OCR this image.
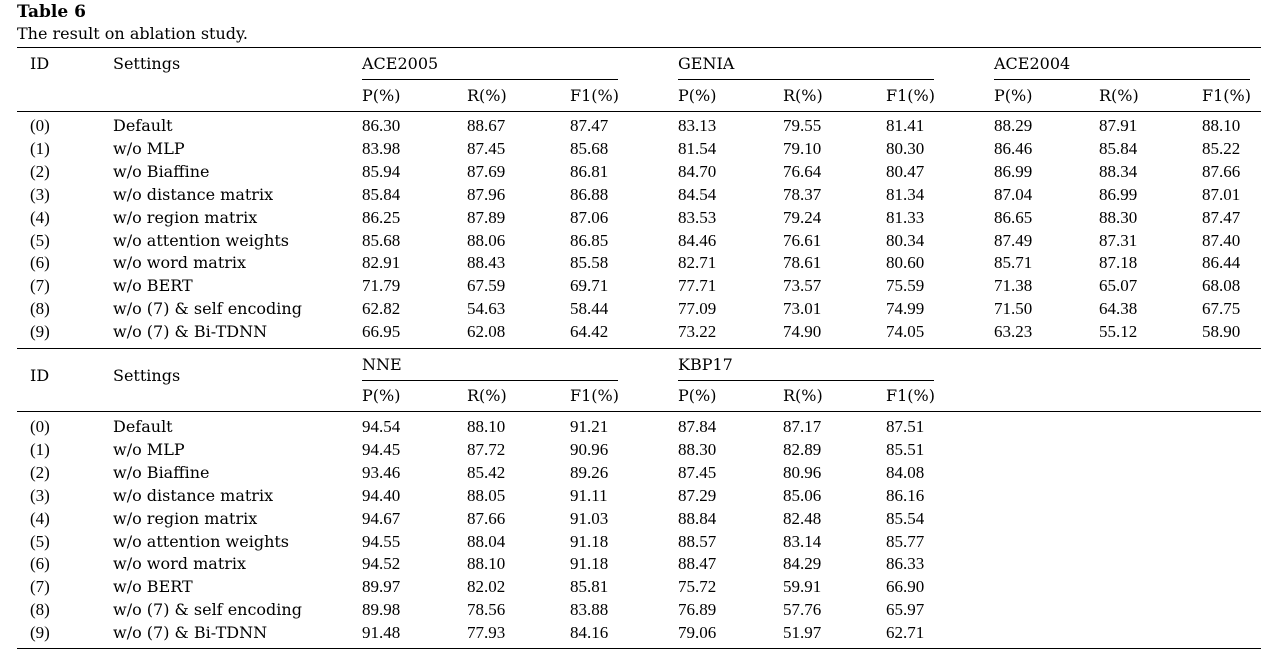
Table 6
The result on ablation study.
ID	Settings	ACE2005
P(%)	R(%)	F1(%)
GENIA
P(%)	R(%)	F1(%)
ACE2004
P(%)	R(%)	F1(%)
(0)	Default	86.30	88.67	87.47	83.13	79.55	81.41	88.29	87.91	88.10
(1)	w/o MLP	83.98	87.45	85.68	81.54	79.10	80.30	86.46	85.84	85.22
(2)	w/o Biaffine	85.94	87.69	86.81	84.70	76.64	80.47	86.99	88.34	87.66
(3)	w/o distance matrix	85.84	87.96	86.88	84.54	78.37	81.34	87.04	86.99	87.01
(4)	w/o region matrix	86.25	87.89	87.06	83.53	79.24	81.33	86.65	88.30	87.47
(5)	w/o attention weights	85.68	88.06	86.85	84.46	76.61	80.34	87.49	87.31	87.40
(6)	w/o word matrix	82.91	88.43	85.58	82.71	78.61	80.60	85.71	87.18	86.44
(7)	w/o BERT	71.79	67.59	69.71	77.71	73.57	75.59	71.38	65.07	68.08
(8)	w/o (7) & self encoding	62.82	54.63	58.44	77.09	73.01	74.99	71.50	64.38	67.75
(9)	w/o (7) & Bi-TDNN	66.95	62.08	64.42	73.22	74.90	74.05	63.23	55.12	58.90
ID	Settings
NNE
P(%)	R(%)	F1(%)
KBP17
P(%)	R(%)	F1(%)
(0)	Default	94.54	88.10	91.21	87.84	87.17	87.51
(1)	w/o MLP	94.45	87.72	90.96	88.30	82.89	85.51
(2)	w/o Biaffine	93.46	85.42	89.26	87.45	80.96	84.08
(3)	w/o distance matrix	94.40	88.05	91.11	87.29	85.06	86.16
(4)	w/o region matrix	94.67	87.66	91.03	88.84	82.48	85.54
(5)	w/o attention weights	94.55	88.04	91.18	88.57	83.14	85.77
(6)	w/o word matrix	94.52	88.10	91.18	88.47	84.29	86.33
(7)	w/o BERT	89.97	82.02	85.81	75.72	59.91	66.90
(8)	w/o (7) & self encoding	89.98	78.56	83.88	76.89	57.76	65.97
(9)	w/o (7) & Bi-TDNN	91.48	77.93	84.16	79.06	51.97	62.71
